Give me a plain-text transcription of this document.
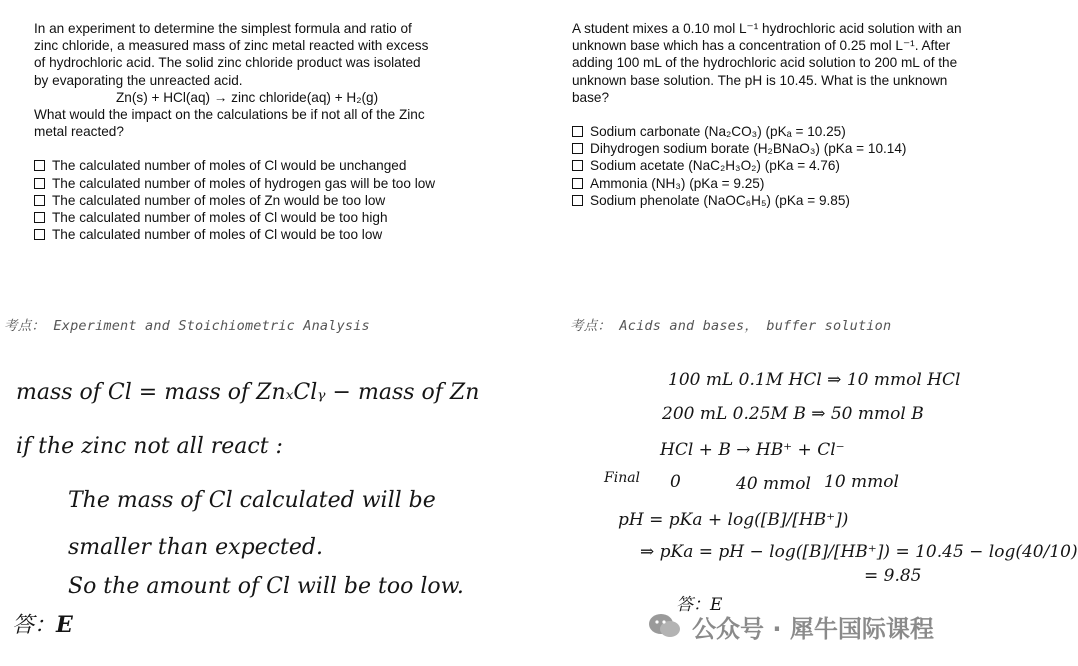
In an experiment to determine the simplest formula and ratio of
zinc chloride, a measured mass of zinc metal reacted with excess
of hydrochloric acid. The solid zinc chloride product was isolated
by evaporating the unreacted acid.
Zn(s) + HCl(aq) → zinc chloride(aq) + H₂(g)
What would the impact on the calculations be if not all of the Zinc
metal reacted?
The calculated number of moles of Cl would be unchanged
The calculated number of moles of hydrogen gas will be too low
The calculated number of moles of Zn would be too low
The calculated number of moles of Cl would be too high
The calculated number of moles of Cl would be too low
A student mixes a 0.10 mol L⁻¹ hydrochloric acid solution with an
unknown base which has a concentration of 0.25 mol L⁻¹. After
adding 100 mL of the hydrochloric acid solution to 200 mL of the
unknown base solution. The pH is 10.45. What is the unknown
base?
Sodium carbonate (Na₂CO₃) (pKₐ = 10.25)
Dihydrogen sodium borate (H₂BNaO₃) (pKa = 10.14)
Sodium acetate (NaC₂H₃O₂) (pKa = 4.76)
Ammonia (NH₃) (pKa = 9.25)
Sodium phenolate (NaOC₆H₅) (pKa = 9.85)
考点： Experiment and Stoichiometric Analysis	考点： Acids and bases， buffer solution
mass of Cl = mass of ZnₓClᵧ − mass of Zn
if the zinc not all react :
The mass of Cl calculated will be
smaller than expected.
So the amount of Cl will be too low.
答：E
100 mL 0.1M HCl ⇒ 10 mmol HCl
200 mL 0.25M B ⇒ 50 mmol B
HCl + B → HB⁺ + Cl⁻
Final 0	40 mmol 10 mmol
pH = pKa + log([B]/[HB⁺])
⇒ pKa = pH − log([B]/[HB⁺]) = 10.45 − log(40/10)
= 9.85
答：E
公众号 · 犀牛国际课程
